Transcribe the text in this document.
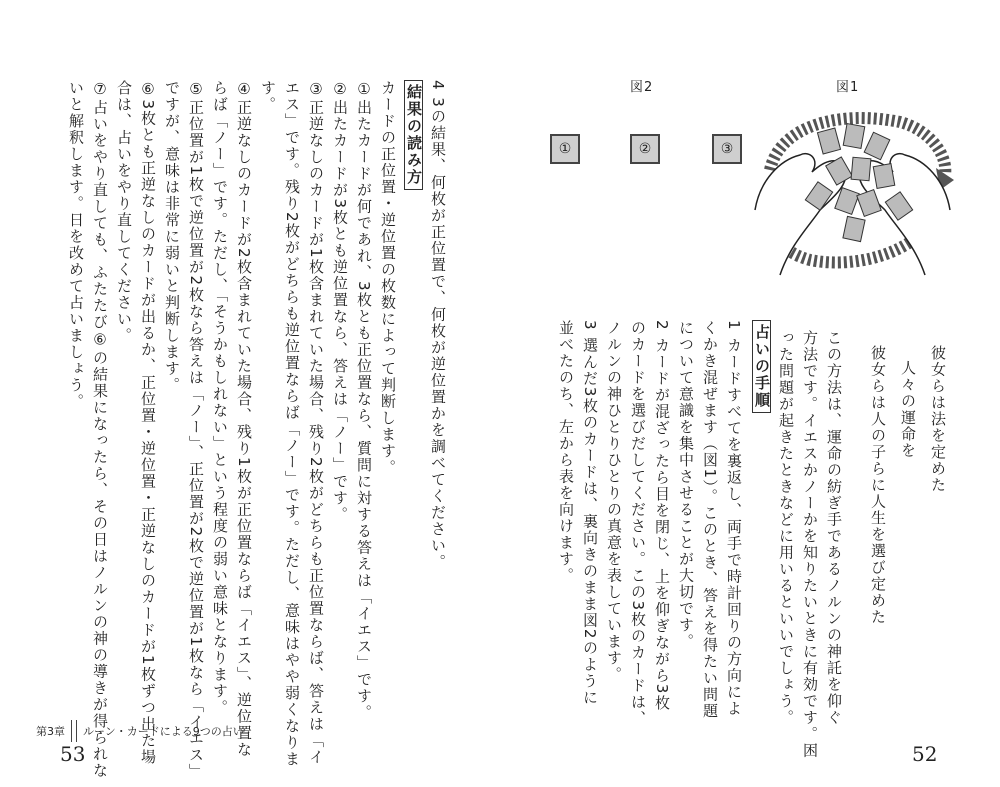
4 3の結果、何枚が正位置で、何枚が逆位置かを調べてください。
結果の読み方
カードの正位置・逆位置の枚数によって判断します。
①出たカードが何であれ、3枚とも正位置なら、質問に対する答えは「イエス」です。
②出たカードが3枚とも逆位置なら、答えは「ノー」です。
③正逆なしのカードが1枚含まれていた場合、残り2枚がどちらも正位置ならば、答えは「イ
エス」です。残り2枚がどちらも逆位置ならば「ノー」です。ただし、意味はやや弱くなりま
す。
④正逆なしのカードが2枚含まれていた場合、残り1枚が正位置ならば「イエス」、逆位置な
らば「ノー」です。ただし、「そうかもしれない」という程度の弱い意味となります。
⑤正位置が1枚で逆位置が2枚なら答えは「ノー」、正位置が2枚で逆位置が1枚なら「イエス」
ですが、意味は非常に弱いと判断します。
⑥3枚とも正逆なしのカードが出るか、正位置・逆位置・正逆なしのカードが1枚ずつ出た場
合は、占いをやり直してください。
⑦占いをやり直しても、ふたたび⑥の結果になったら、その日はノルンの神の導きが得られな
いと解釈します。日を改めて占いましょう。
第3章 ルーン・カードによる9つの占い
53
図2	図1
①	②	③
彼女らは法を定めた
人々の運命を
彼女らは人の子らに人生を選び定めた
この方法は、運命の紡ぎ手であるノルンの神託を仰ぐ
方法です。イエスかノーかを知りたいときに有効です。困
った問題が起きたときなどに用いるといいでしょう。
占いの手順
1 カードすべてを裏返し、両手で時計回りの方向によ
くかき混ぜます（図1）。このとき、答えを得たい問題
について意識を集中させることが大切です。
2 カードが混ざったら目を閉じ、上を仰ぎながら3枚
のカードを選びだしてください。この3枚のカードは、
ノルンの神ひとりひとりの真意を表しています。
3 選んだ3枚のカードは、裏向きのまま図2のように
並べたのち、左から表を向けます。
52
